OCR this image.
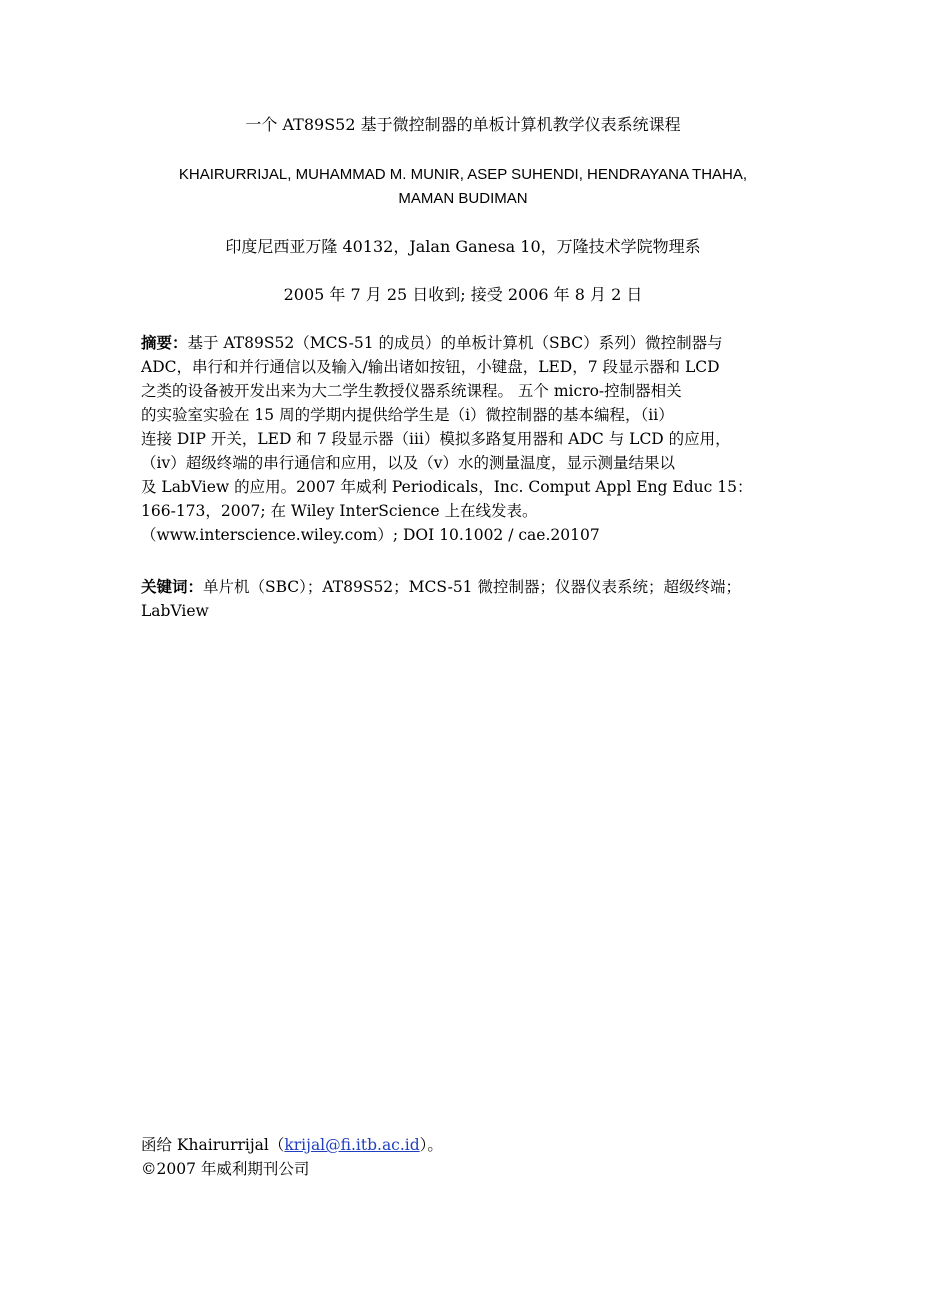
一个 AT89S52 基于微控制器的单板计算机教学仪表系统课程
KHAIRURRIJAL, MUHAMMAD M. MUNIR, ASEP SUHENDI, HENDRAYANA THAHA,
MAMAN BUDIMAN
印度尼西亚万隆 40132，Jalan Ganesa 10，万隆技术学院物理系
2005 年 7 月 25 日收到; 接受 2006 年 8 月 2 日
摘要：基于 AT89S52（MCS-51 的成员）的单板计算机（SBC）系列）微控制器与
ADC，串行和并行通信以及输入/输出诸如按钮，小键盘，LED，7 段显示器和 LCD
之类的设备被开发出来为大二学生教授仪器系统课程。 五个 micro-控制器相关
的实验室实验在 15 周的学期内提供给学生是（i）微控制器的基本编程，（ii）
连接 DIP 开关，LED 和 7 段显示器（iii）模拟多路复用器和 ADC 与 LCD 的应用，
（iv）超级终端的串行通信和应用，以及（v）水的测量温度，显示测量结果以
及 LabView 的应用。2007 年威利 Periodicals，Inc. Comput Appl Eng Educ 15：
166-173，2007; 在 Wiley InterScience 上在线发表。
（www.interscience.wiley.com）; DOI 10.1002 / cae.20107
关键词：单片机（SBC）；AT89S52；MCS-51 微控制器；仪器仪表系统；超级终端；
LabView
函给 Khairurrijal（krijal@fi.itb.ac.id）。
©2007 年威利期刊公司
